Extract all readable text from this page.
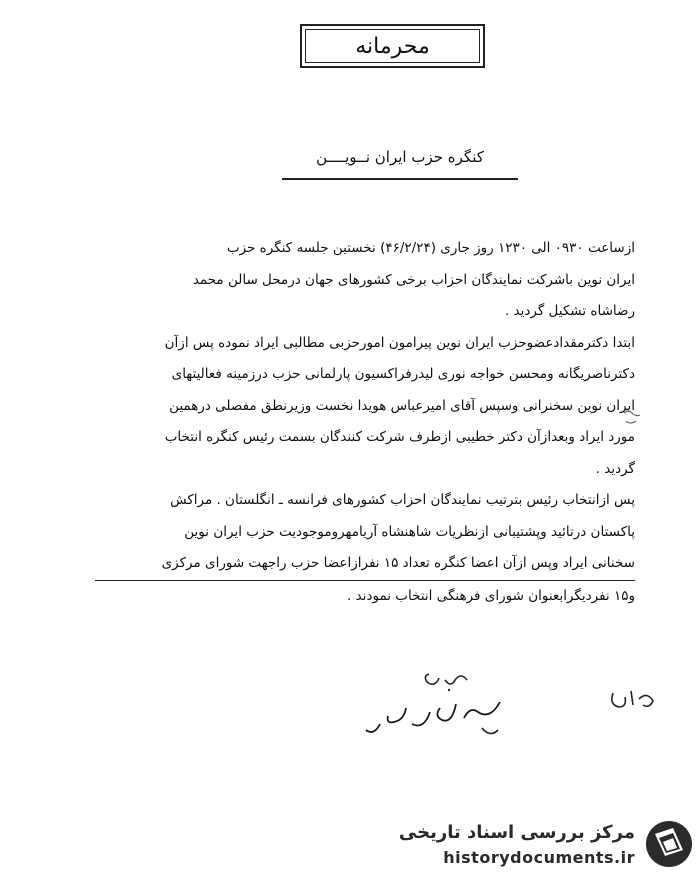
محرمانه
کنگره حزب ایران نــویــــن

ازساعت ۰۹۳۰ الی ۱۲۳۰ روز جاری (۴۶/۲/۲۴) نخستین جلسه کنگره حزب

ایران نوین باشرکت نمایندگان احزاب برخی کشورهای جهان درمحل سالن محمد

رضاشاه تشکیل گردید .

ابتدا دکترمقدادعضوحزب ایران نوین پیرامون امورحزبی مطالبی ایراد نموده پس ازآن

دکترناصریگانه ومحسن خواجه نوری لیدرفراکسیون پارلمانی حزب درزمینه فعالیتهای

ایران نوین سخنرانی وسپس آقای امیرعباس هویدا نخست وزیرنطق مفصلی درهمین

مورد ایراد وبعدازآن دکتر خطیبی ازطرف شرکت کنندگان بسمت رئیس کنگره انتخاب

گردید .

پس ازانتخاب رئیس بترتیب نمایندگان احزاب کشورهای فرانسه ـ انگلستان . مراکش

پاکستان درتائید وپشتیبانی ازنظریات شاهنشاه آریامهروموجودیت حزب ایران نوین

سخنانی ایراد وپس ازآن اعضا کنگره تعداد ۱۵ نفرازاعضا حزب راجهت شورای مرکزی

و۱۵ نفردیگرابعنوان شورای فرهنگی انتخاب نمودند .

مرکز بررسی اسناد تاریخی
historydocuments.ir
